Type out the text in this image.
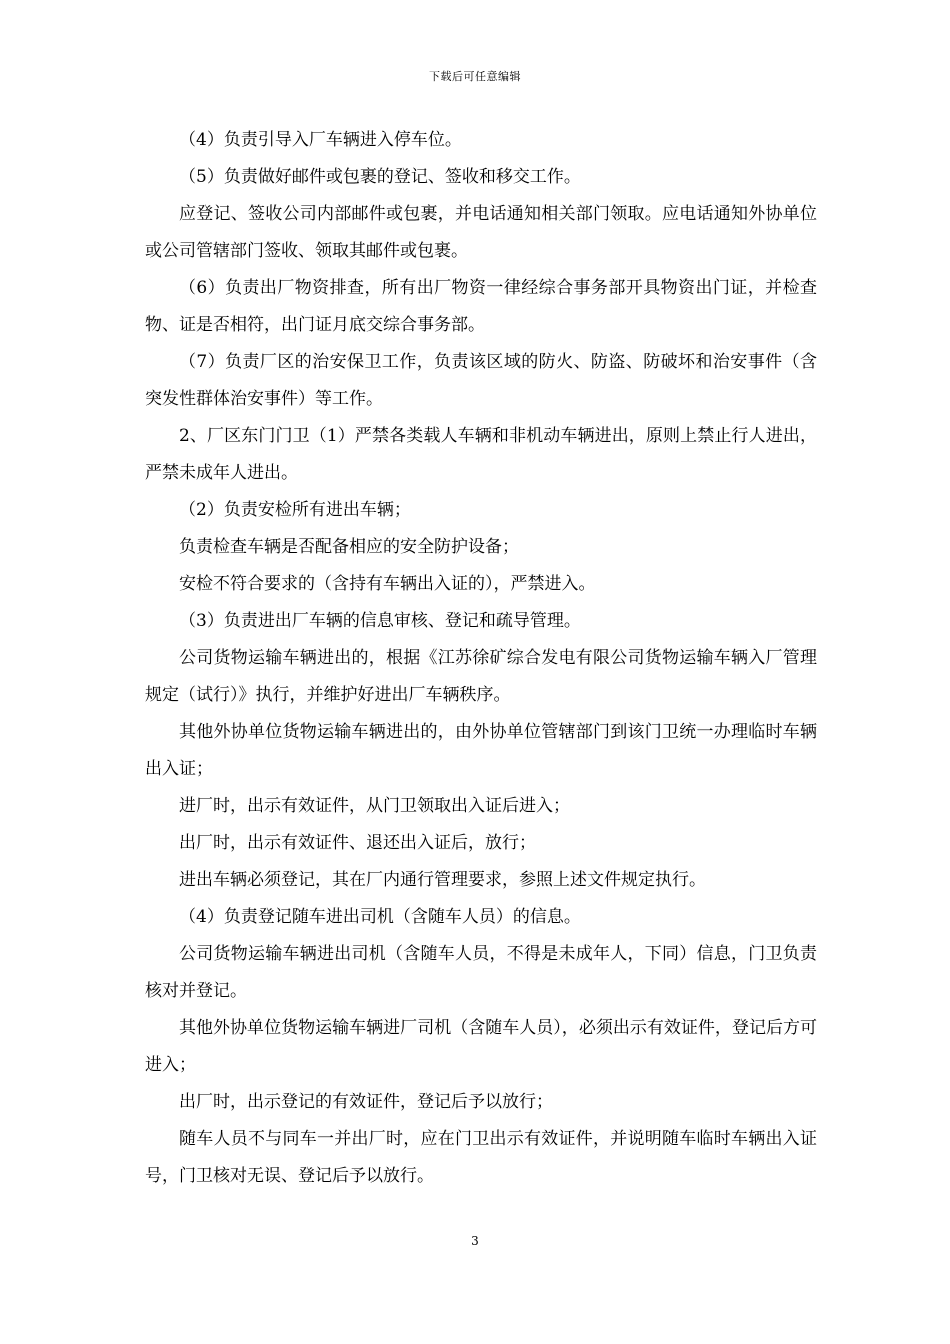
下载后可任意编辑

（4）负责引导入厂车辆进入停车位。

（5）负责做好邮件或包裹的登记、签收和移交工作。

应登记、签收公司内部邮件或包裹，并电话通知相关部门领取。应电话通知外协单位或公司管辖部门签收、领取其邮件或包裹。

（6）负责出厂物资排查，所有出厂物资一律经综合事务部开具物资出门证，并检查物、证是否相符，出门证月底交综合事务部。

（7）负责厂区的治安保卫工作，负责该区域的防火、防盗、防破坏和治安事件（含突发性群体治安事件）等工作。

2、厂区东门门卫（1）严禁各类载人车辆和非机动车辆进出，原则上禁止行人进出，严禁未成年人进出。

（2）负责安检所有进出车辆；

负责检查车辆是否配备相应的安全防护设备；

安检不符合要求的（含持有车辆出入证的），严禁进入。

（3）负责进出厂车辆的信息审核、登记和疏导管理。

公司货物运输车辆进出的，根据《江苏徐矿综合发电有限公司货物运输车辆入厂管理规定（试行）》执行，并维护好进出厂车辆秩序。

其他外协单位货物运输车辆进出的，由外协单位管辖部门到该门卫统一办理临时车辆出入证；

进厂时，出示有效证件，从门卫领取出入证后进入；

出厂时，出示有效证件、退还出入证后，放行；

进出车辆必须登记，其在厂内通行管理要求，参照上述文件规定执行。

（4）负责登记随车进出司机（含随车人员）的信息。

公司货物运输车辆进出司机（含随车人员，不得是未成年人，下同）信息，门卫负责核对并登记。

其他外协单位货物运输车辆进厂司机（含随车人员），必须出示有效证件，登记后方可进入；

出厂时，出示登记的有效证件，登记后予以放行；

随车人员不与同车一并出厂时，应在门卫出示有效证件，并说明随车临时车辆出入证号，门卫核对无误、登记后予以放行。

3
